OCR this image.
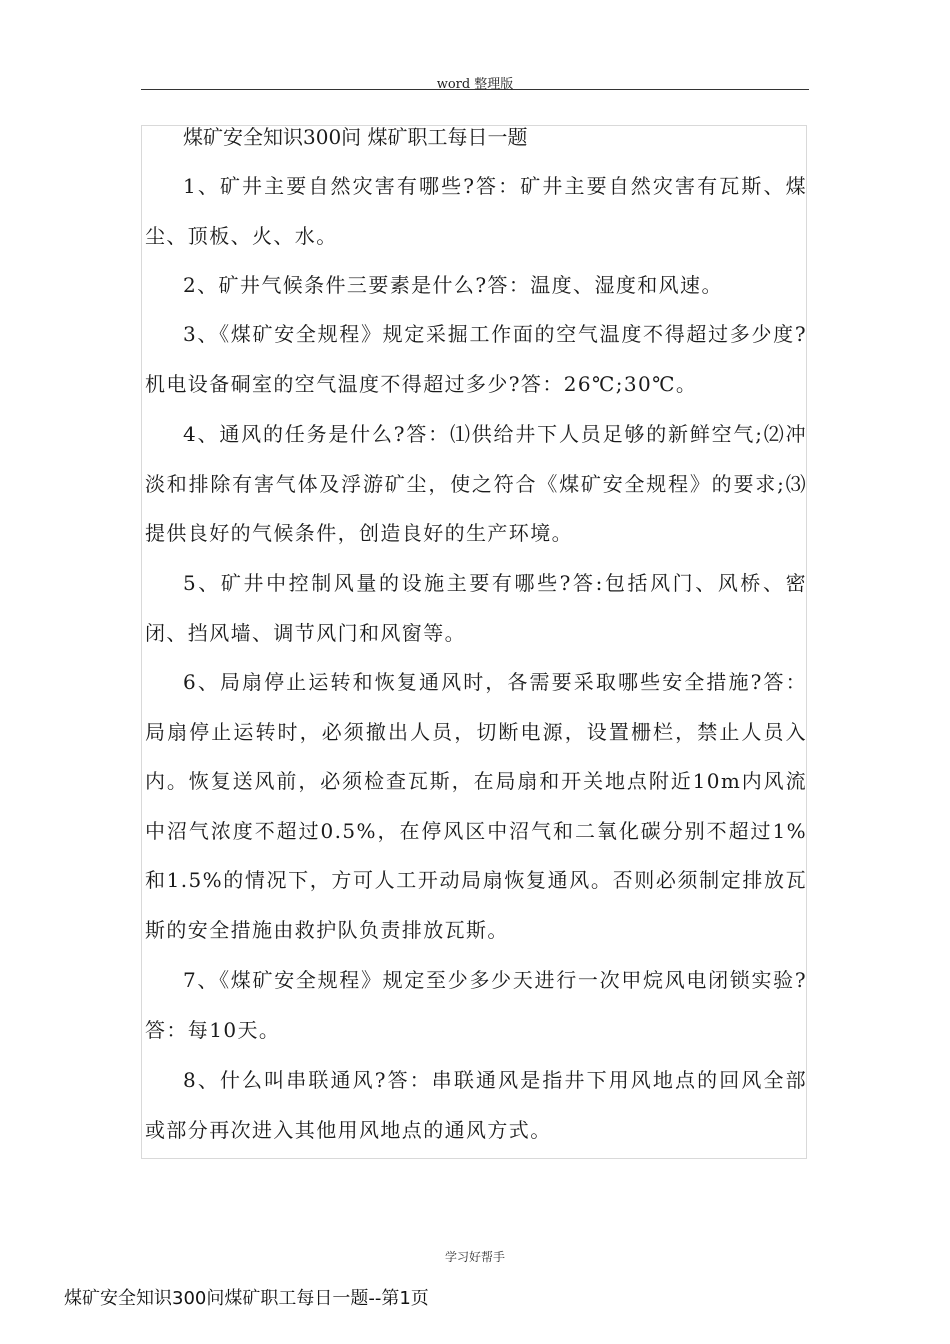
word 整理版
煤矿安全知识300问 煤矿职工每日一题

1、矿井主要自然灾害有哪些?答：矿井主要自然灾害有瓦斯、煤尘、顶板、火、水。

2、矿井气候条件三要素是什么?答：温度、湿度和风速。

3、《煤矿安全规程》规定采掘工作面的空气温度不得超过多少度?机电设备硐室的空气温度不得超过多少?答：26℃;30℃。

4、通风的任务是什么?答：⑴供给井下人员足够的新鲜空气;⑵冲淡和排除有害气体及浮游矿尘，使之符合《煤矿安全规程》的要求;⑶提供良好的气候条件，创造良好的生产环境。

5、矿井中控制风量的设施主要有哪些?答:包括风门、风桥、密闭、挡风墙、调节风门和风窗等。

6、局扇停止运转和恢复通风时，各需要采取哪些安全措施?答：局扇停止运转时，必须撤出人员，切断电源，设置栅栏，禁止人员入内。恢复送风前，必须检查瓦斯，在局扇和开关地点附近10m内风流中沼气浓度不超过0.5%，在停风区中沼气和二氧化碳分别不超过1%和1.5%的情况下，方可人工开动局扇恢复通风。否则必须制定排放瓦斯的安全措施由救护队负责排放瓦斯。

7、《煤矿安全规程》规定至少多少天进行一次甲烷风电闭锁实验?答：每10天。

8、什么叫串联通风?答：串联通风是指井下用风地点的回风全部或部分再次进入其他用风地点的通风方式。

学习好帮手
煤矿安全知识300问煤矿职工每日一题--第1页
